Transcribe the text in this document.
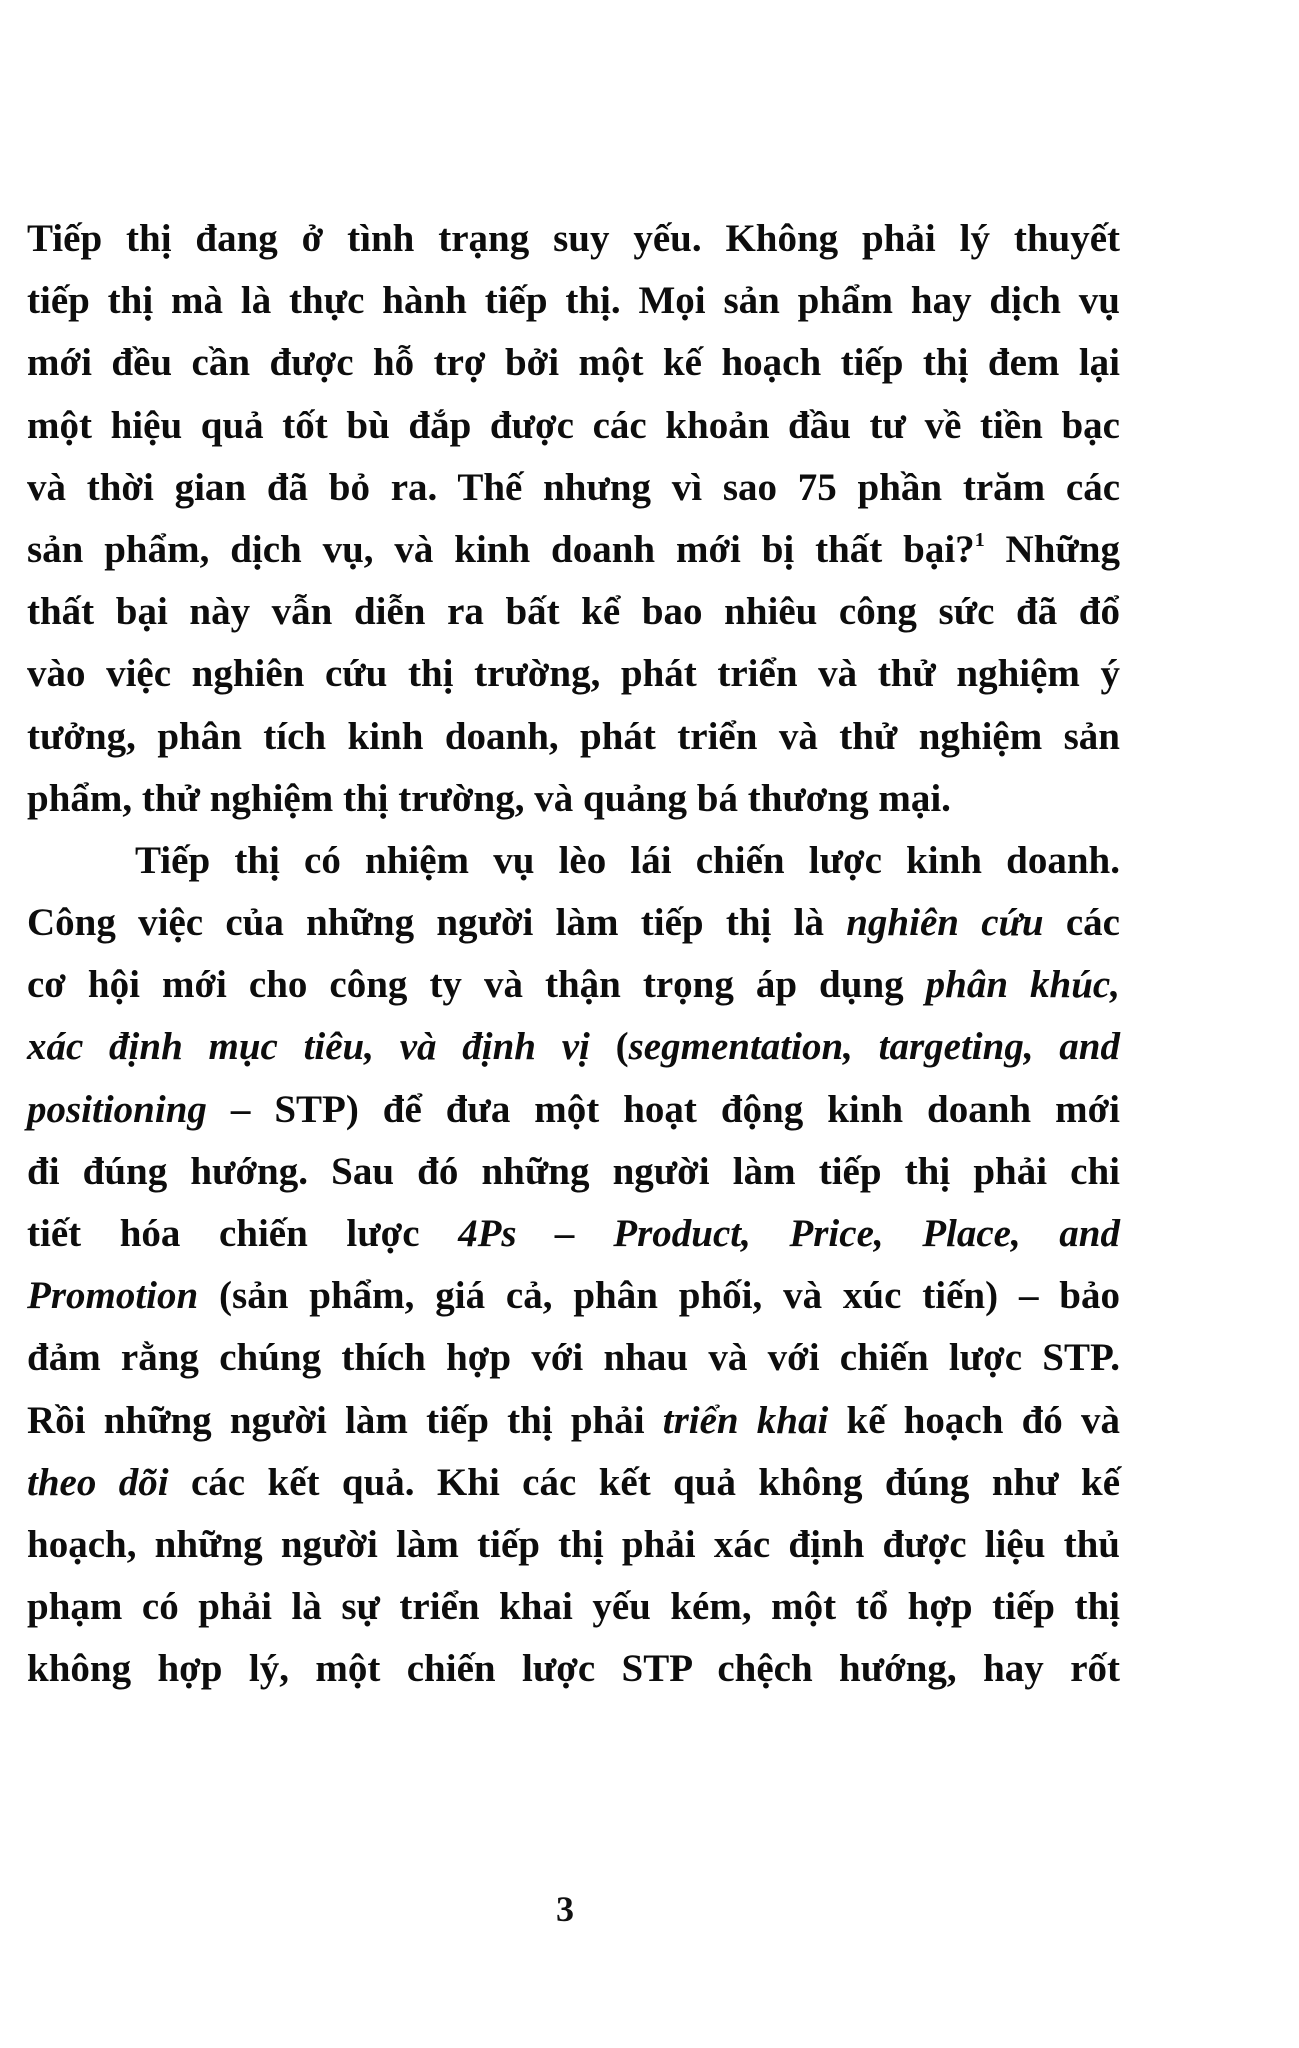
Tiếp thị đang ở tình trạng suy yếu. Không phải lý thuyết
tiếp thị mà là thực hành tiếp thị. Mọi sản phẩm hay dịch vụ
mới đều cần được hỗ trợ bởi một kế hoạch tiếp thị đem lại
một hiệu quả tốt bù đắp được các khoản đầu tư về tiền bạc
và thời gian đã bỏ ra. Thế nhưng vì sao 75 phần trăm các
sản phẩm, dịch vụ, và kinh doanh mới bị thất bại?$^1$ Những
thất bại này vẫn diễn ra bất kể bao nhiêu công sức đã đổ
vào việc nghiên cứu thị trường, phát triển và thử nghiệm ý
tưởng, phân tích kinh doanh, phát triển và thử nghiệm sản
phẩm, thử nghiệm thị trường, và quảng bá thương mại.
Tiếp thị có nhiệm vụ lèo lái chiến lược kinh doanh.
Công việc của những người làm tiếp thị là nghiên cứu các
cơ hội mới cho công ty và thận trọng áp dụng phân khúc,
xác định mục tiêu, và định vị (segmentation, targeting, and
positioning – STP) để đưa một hoạt động kinh doanh mới
đi đúng hướng. Sau đó những người làm tiếp thị phải chi
tiết hóa chiến lược 4Ps – Product, Price, Place, and
Promotion (sản phẩm, giá cả, phân phối, và xúc tiến) – bảo
đảm rằng chúng thích hợp với nhau và với chiến lược STP.
Rồi những người làm tiếp thị phải triển khai kế hoạch đó và
theo dõi các kết quả. Khi các kết quả không đúng như kế
hoạch, những người làm tiếp thị phải xác định được liệu thủ
phạm có phải là sự triển khai yếu kém, một tổ hợp tiếp thị
không hợp lý, một chiến lược STP chệch hướng, hay rốt
3
